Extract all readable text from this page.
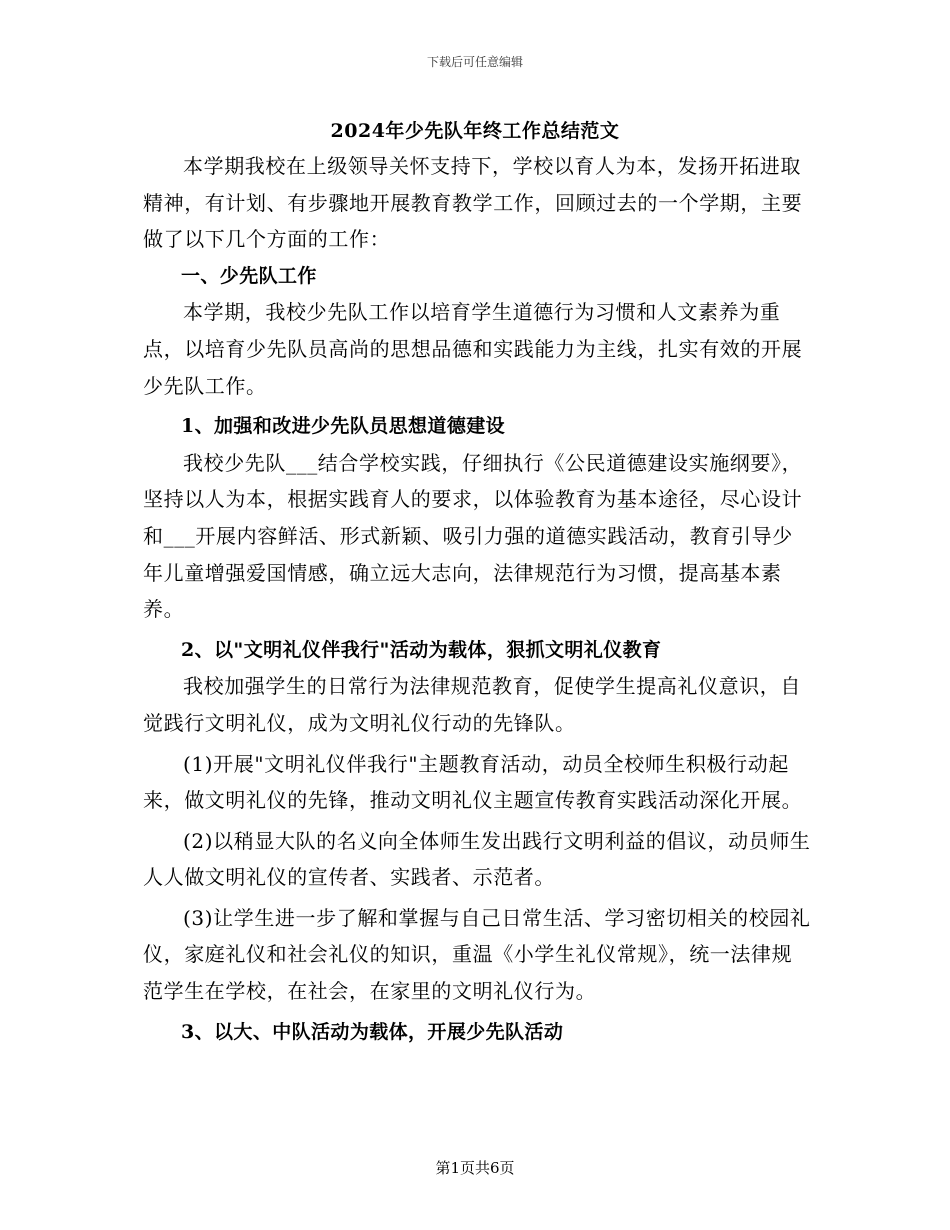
下载后可任意编辑
2024年少先队年终工作总结范文

本学期我校在上级领导关怀支持下，学校以育人为本，发扬开拓进取精神，有计划、有步骤地开展教育教学工作，回顾过去的一个学期，主要做了以下几个方面的工作：

一、少先队工作

本学期，我校少先队工作以培育学生道德行为习惯和人文素养为重点，以培育少先队员高尚的思想品德和实践能力为主线，扎实有效的开展少先队工作。

1、加强和改进少先队员思想道德建设

我校少先队___结合学校实践，仔细执行《公民道德建设实施纲要》，坚持以人为本，根据实践育人的要求，以体验教育为基本途径，尽心设计和___开展内容鲜活、形式新颖、吸引力强的道德实践活动，教育引导少年儿童增强爱国情感，确立远大志向，法律规范行为习惯，提高基本素养。

2、以"文明礼仪伴我行"活动为载体，狠抓文明礼仪教育

我校加强学生的日常行为法律规范教育，促使学生提高礼仪意识，自觉践行文明礼仪，成为文明礼仪行动的先锋队。

(1)开展"文明礼仪伴我行"主题教育活动，动员全校师生积极行动起来，做文明礼仪的先锋，推动文明礼仪主题宣传教育实践活动深化开展。

(2)以稍显大队的名义向全体师生发出践行文明利益的倡议，动员师生人人做文明礼仪的宣传者、实践者、示范者。

(3)让学生进一步了解和掌握与自己日常生活、学习密切相关的校园礼仪，家庭礼仪和社会礼仪的知识，重温《小学生礼仪常规》，统一法律规范学生在学校，在社会，在家里的文明礼仪行为。

3、以大、中队活动为载体，开展少先队活动

第1页共6页
